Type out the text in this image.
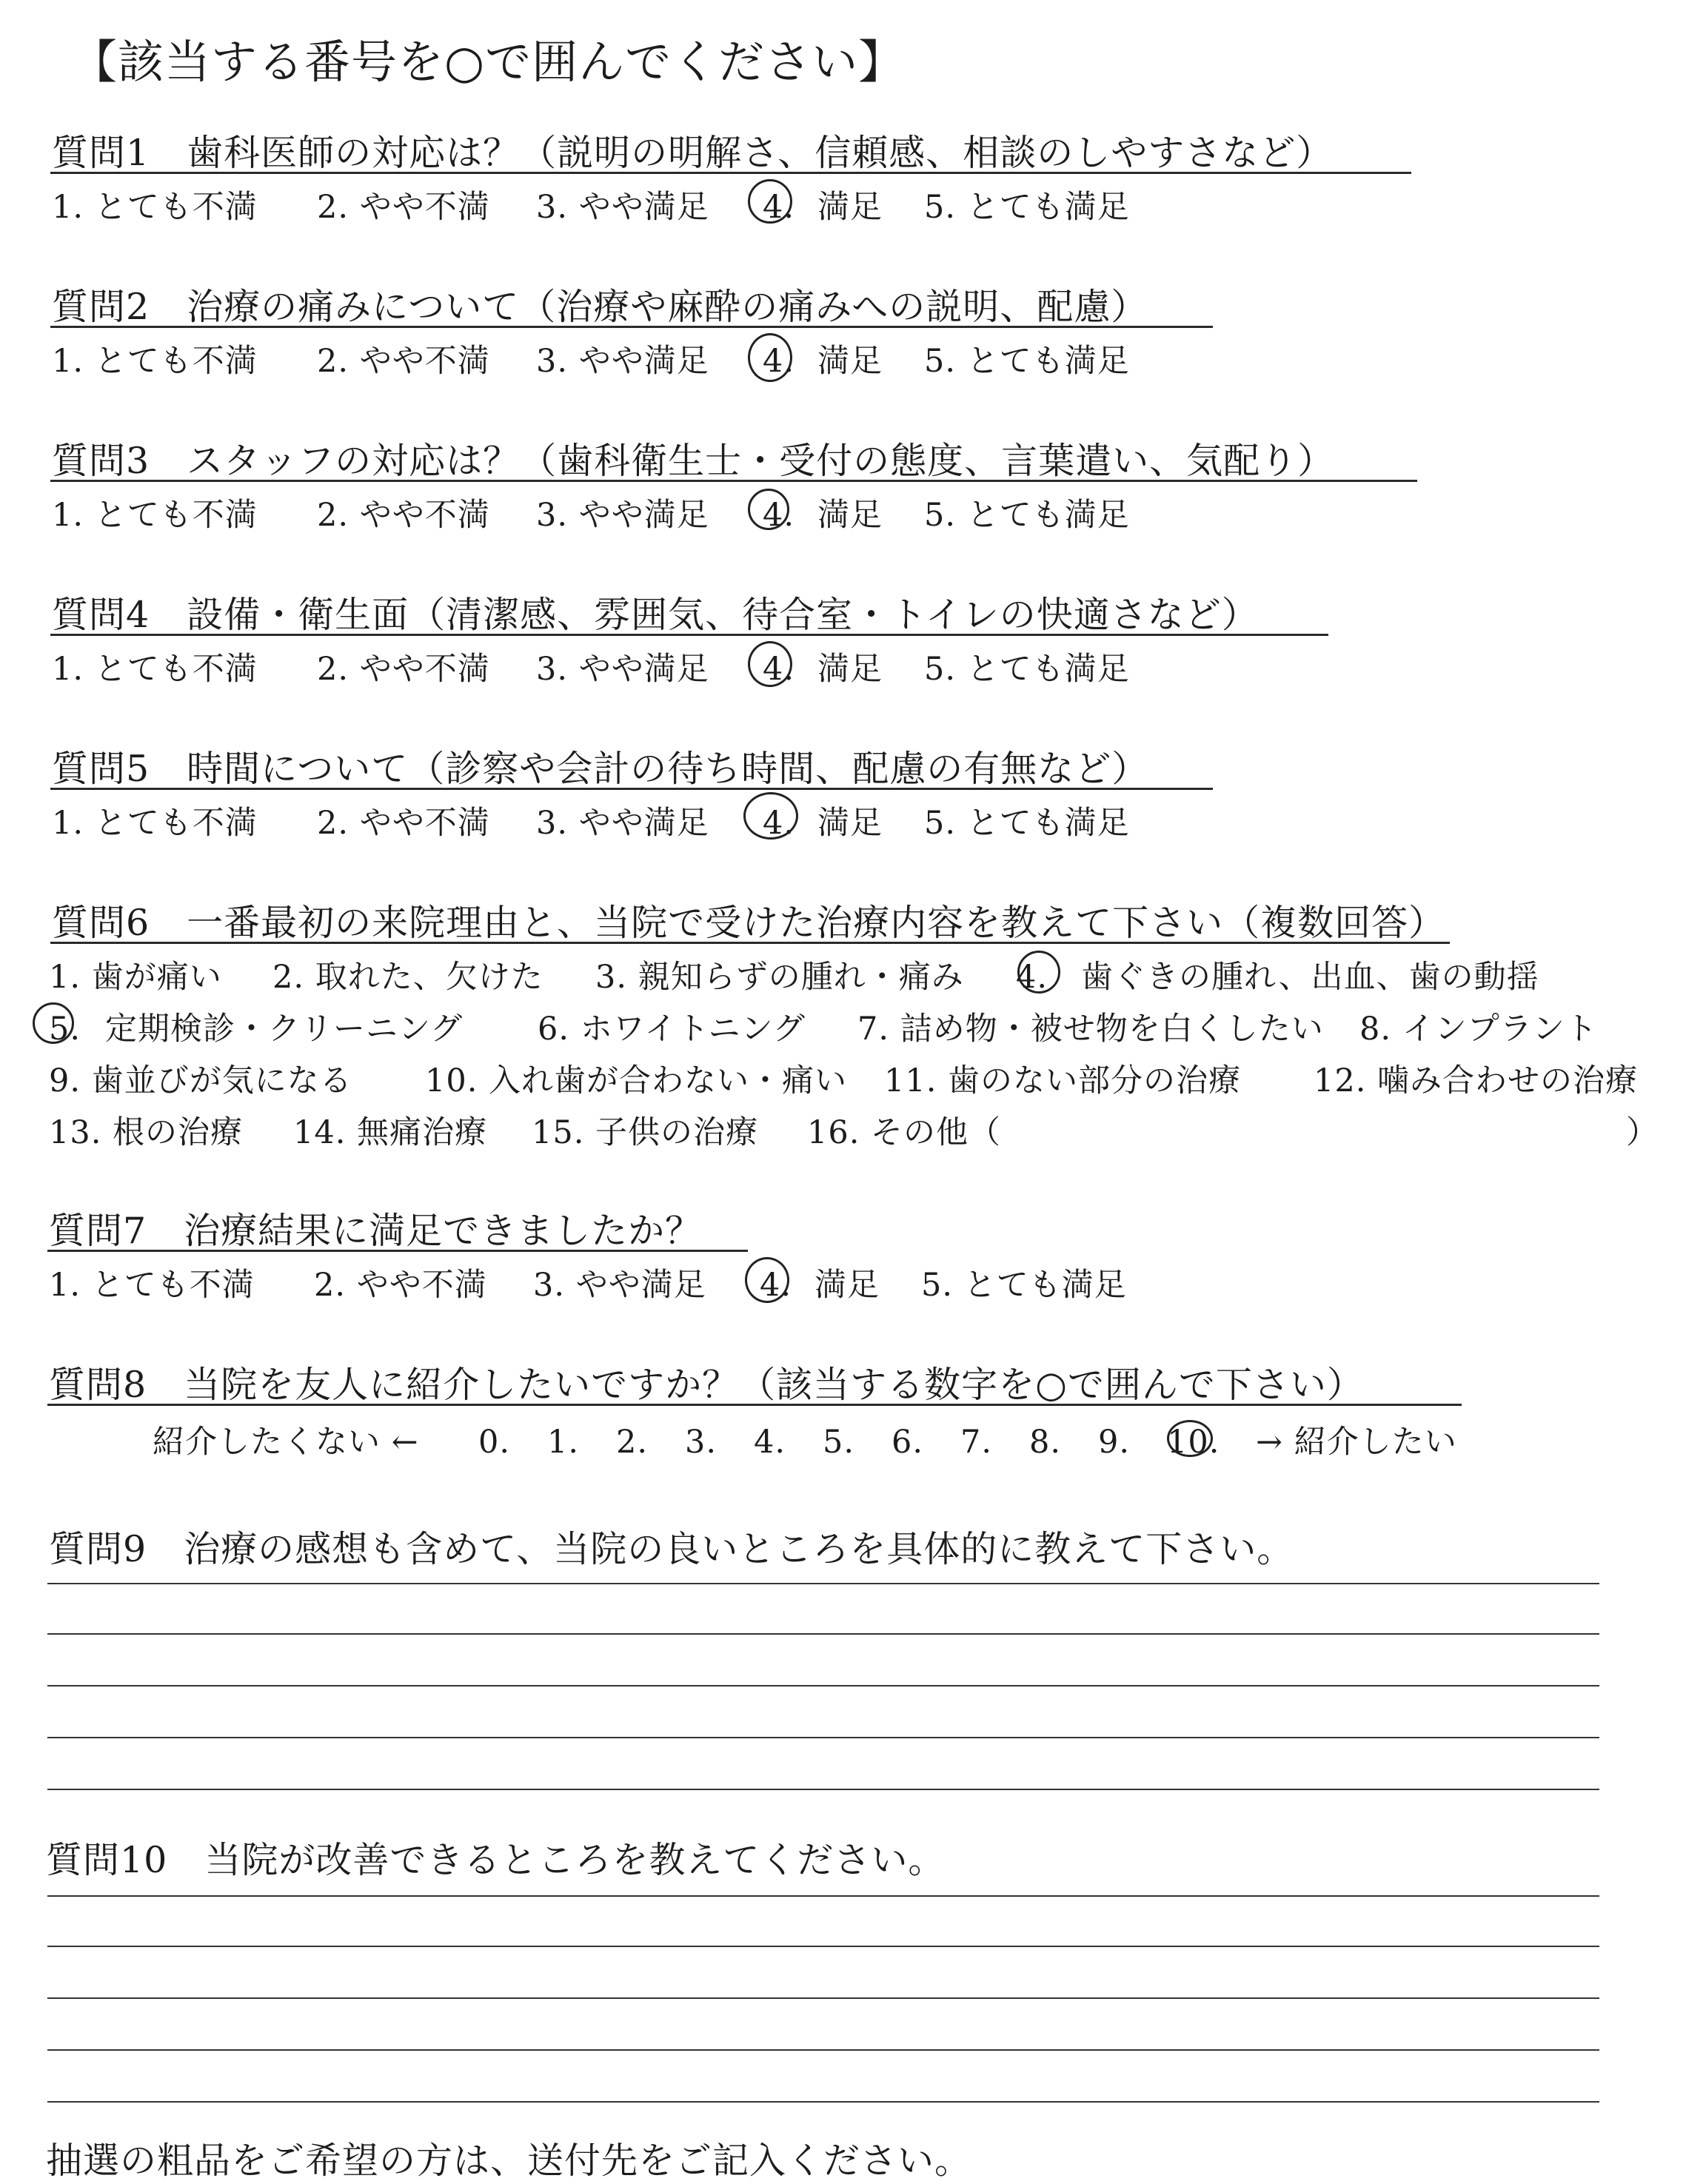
【該当する番号を○で囲んでください】
質問1　歯科医師の対応は？（説明の明解さ、信頼感、相談のしやすさなど）
1. とても不満 2. やや不満 3. やや満足 4. 満足 5. とても満足
質問2　治療の痛みについて（治療や麻酔の痛みへの説明、配慮）
1. とても不満 2. やや不満 3. やや満足 4. 満足 5. とても満足
質問3　スタッフの対応は？（歯科衛生士・受付の態度、言葉遣い、気配り）
1. とても不満 2. やや不満 3. やや満足 4. 満足 5. とても満足
質問4　設備・衛生面（清潔感、雰囲気、待合室・トイレの快適さなど）
1. とても不満 2. やや不満 3. やや満足 4. 満足 5. とても満足
質問5　時間について（診察や会計の待ち時間、配慮の有無など）
1. とても不満 2. やや不満 3. やや満足 4. 満足 5. とても満足
質問6　一番最初の来院理由と、当院で受けた治療内容を教えて下さい（複数回答）
1. 歯が痛い 2. 取れた、欠けた 3. 親知らずの腫れ・痛み 4. 歯ぐきの腫れ、出血、歯の動揺
5. 定期検診・クリーニング 6. ホワイトニング 7. 詰め物・被せ物を白くしたい 8. インプラント
9. 歯並びが気になる 10. 入れ歯が合わない・痛い 11. 歯のない部分の治療 12. 噛み合わせの治療
13. 根の治療 14. 無痛治療 15. 子供の治療 16. その他（	）
質問7　治療結果に満足できましたか？
1. とても不満 2. やや不満 3. やや満足 4. 満足 5. とても満足
質問8　当院を友人に紹介したいですか？（該当する数字を○で囲んで下さい）
紹介したくない ← 0. 1. 2. 3. 4. 5. 6. 7. 8. 9. 10. → 紹介したい
質問9　治療の感想も含めて、当院の良いところを具体的に教えて下さい。
質問10　当院が改善できるところを教えてください。
抽選の粗品をご希望の方は、送付先をご記入ください。
